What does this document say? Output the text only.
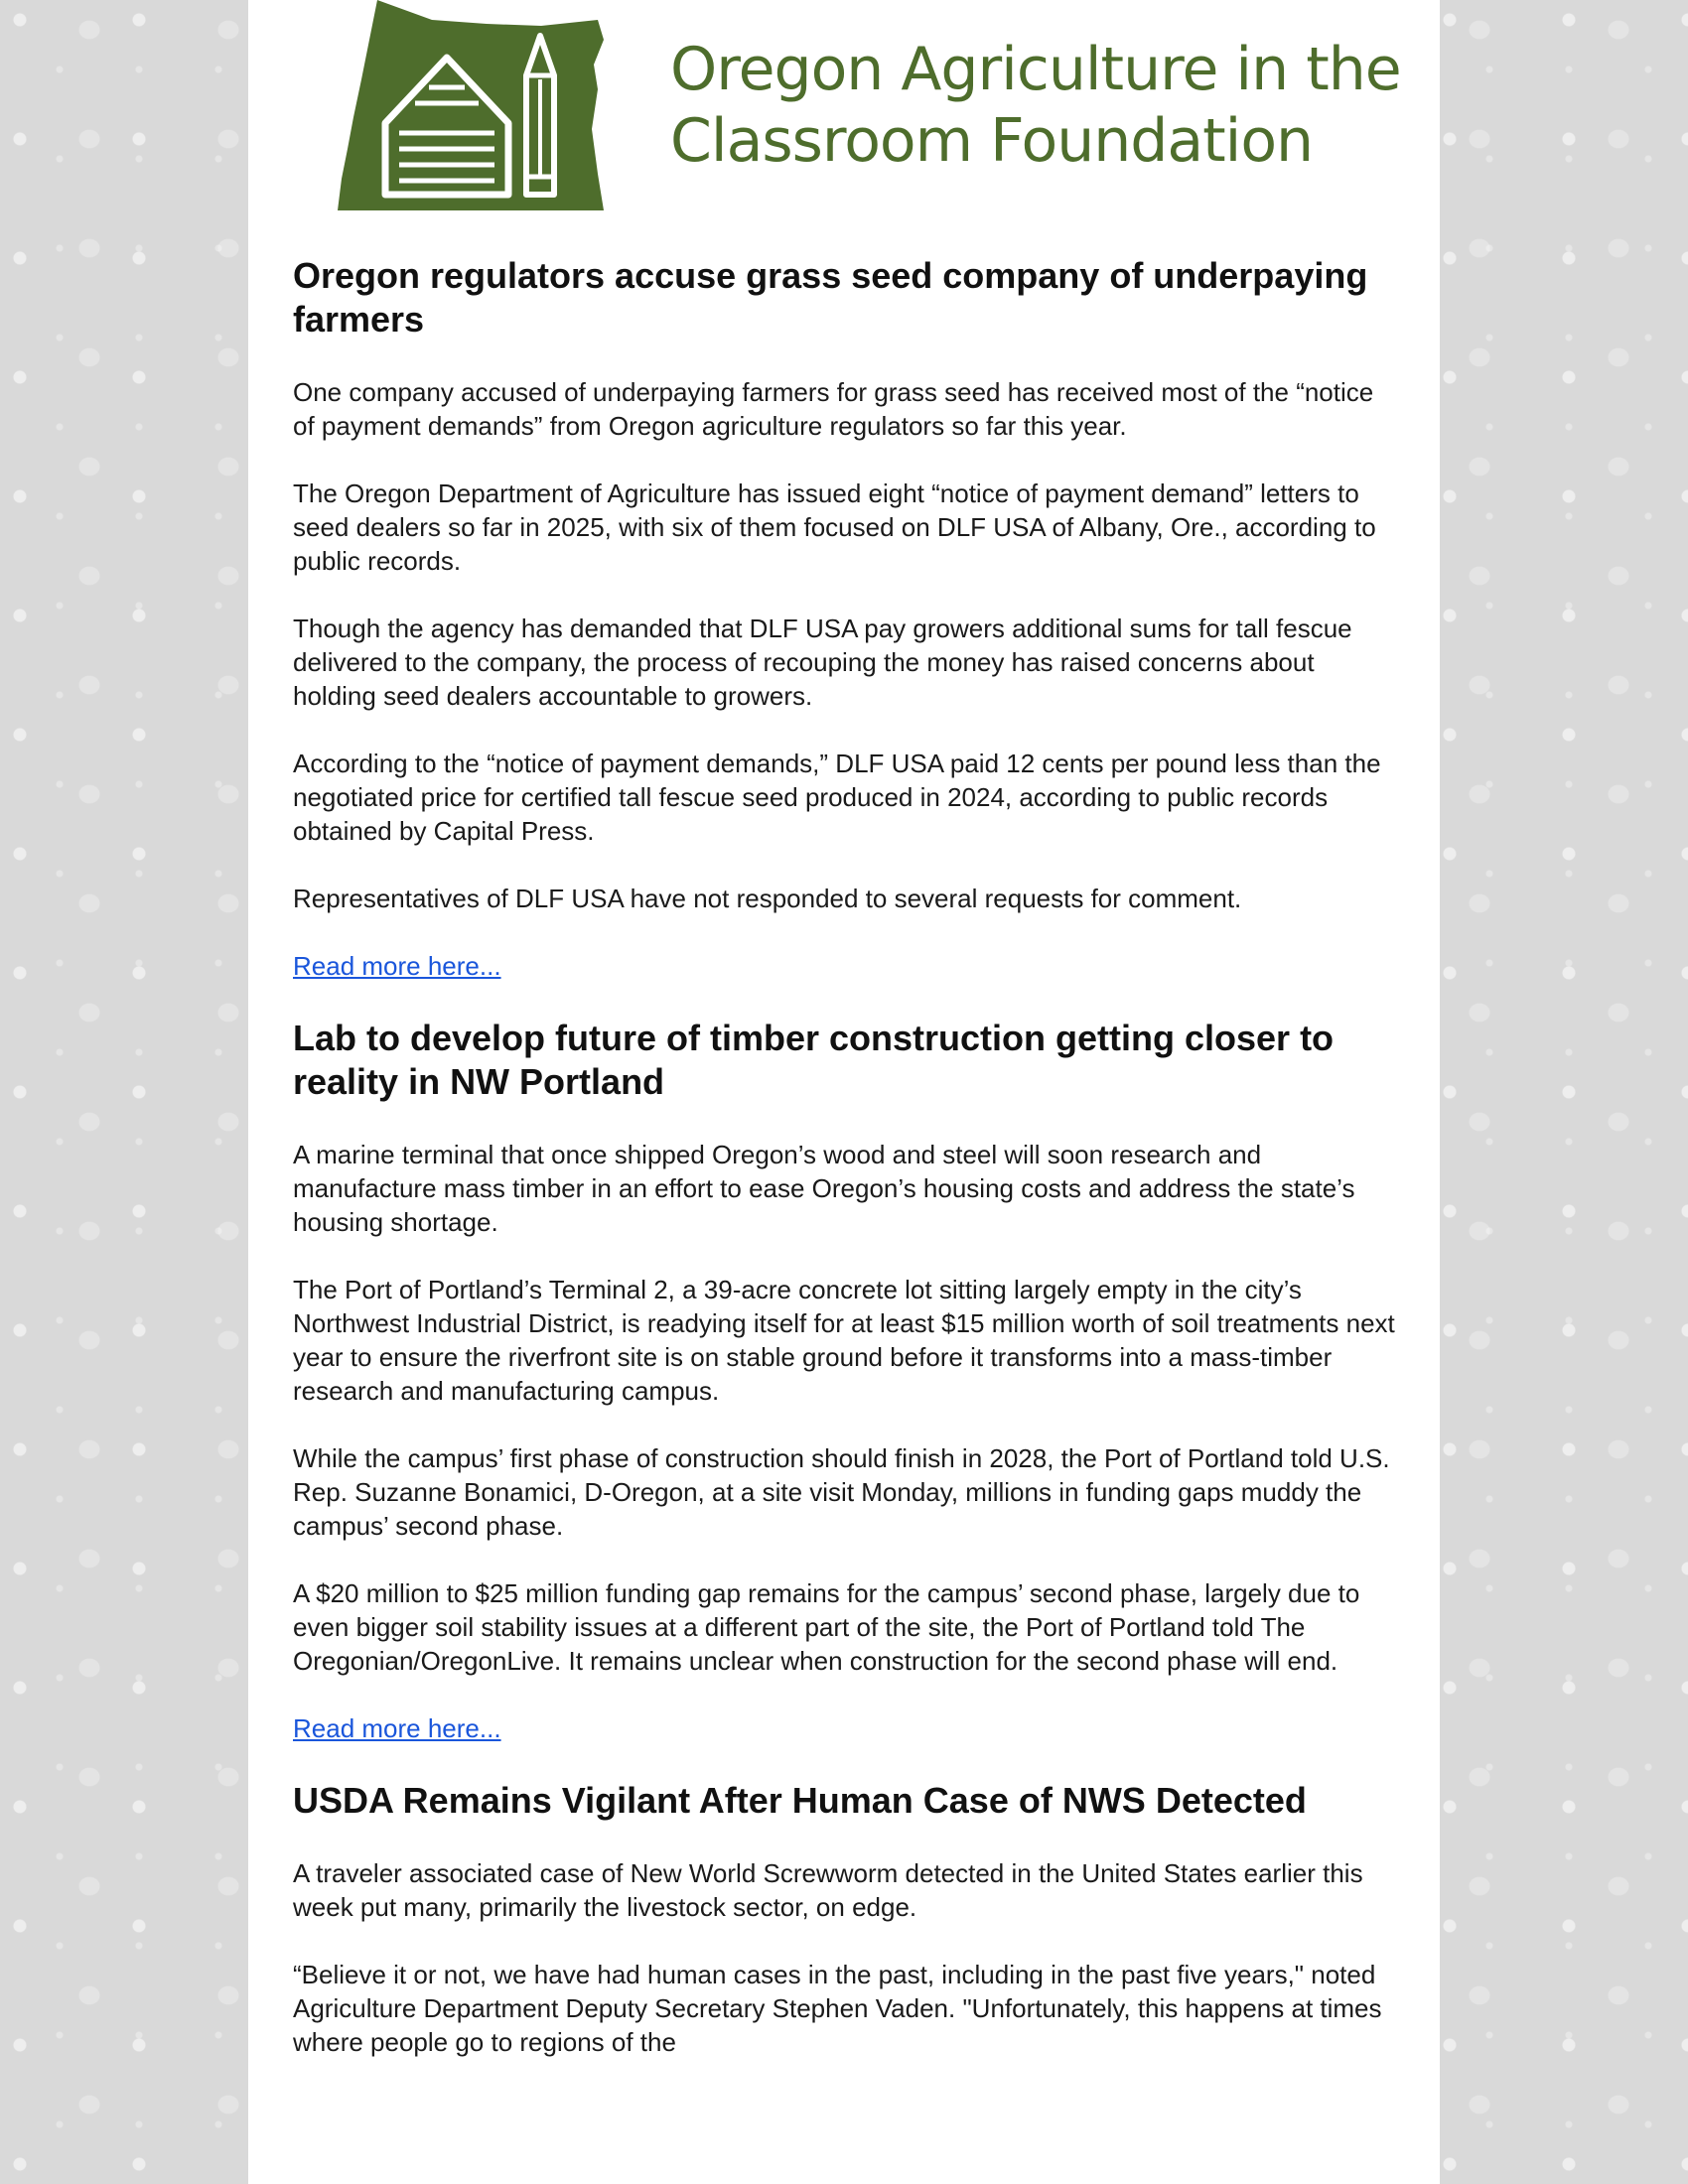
Oregon Agriculture in the
Classroom Foundation
Oregon regulators accuse grass seed company of underpaying farmers

One company accused of underpaying farmers for grass seed has received most of the “notice of payment demands” from Oregon agriculture regulators so far this year.

The Oregon Department of Agriculture has issued eight “notice of payment demand” letters to seed dealers so far in 2025, with six of them focused on DLF USA of Albany, Ore., according to public records.

Though the agency has demanded that DLF USA pay growers additional sums for tall fescue delivered to the company, the process of recouping the money has raised concerns about holding seed dealers accountable to growers.

According to the “notice of payment demands,” DLF USA paid 12 cents per pound less than the negotiated price for certified tall fescue seed produced in 2024, according to public records obtained by Capital Press.

Representatives of DLF USA have not responded to several requests for comment.

Read more here...
Lab to develop future of timber construction getting closer to reality in NW Portland

A marine terminal that once shipped Oregon’s wood and steel will soon research and manufacture mass timber in an effort to ease Oregon’s housing costs and address the state’s housing shortage.

The Port of Portland’s Terminal 2, a 39-acre concrete lot sitting largely empty in the city’s Northwest Industrial District, is readying itself for at least $15 million worth of soil treatments next year to ensure the riverfront site is on stable ground before it transforms into a mass-timber research and manufacturing campus.

While the campus’ first phase of construction should finish in 2028, the Port of Portland told U.S. Rep. Suzanne Bonamici, D-Oregon, at a site visit Monday, millions in funding gaps muddy the campus’ second phase.

A $20 million to $25 million funding gap remains for the campus’ second phase, largely due to even bigger soil stability issues at a different part of the site, the Port of Portland told The Oregonian/OregonLive. It remains unclear when construction for the second phase will end.

Read more here...
USDA Remains Vigilant After Human Case of NWS Detected

A traveler associated case of New World Screwworm detected in the United States earlier this week put many, primarily the livestock sector, on edge.

“Believe it or not, we have had human cases in the past, including in the past five years," noted Agriculture Department Deputy Secretary Stephen Vaden. "Unfortunately, this happens at times where people go to regions of the
